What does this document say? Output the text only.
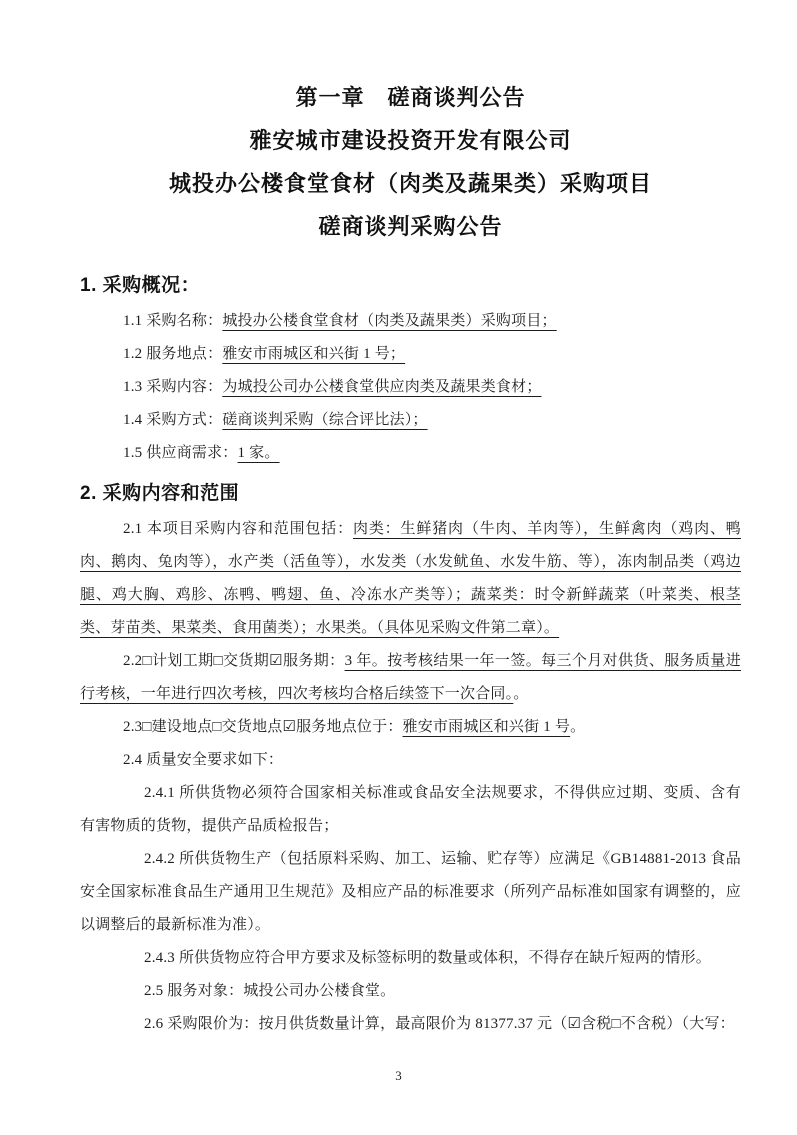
第一章　磋商谈判公告
雅安城市建设投资开发有限公司
城投办公楼食堂食材（肉类及蔬果类）采购项目
磋商谈判采购公告
1. 采购概况：

1.1 采购名称：城投办公楼食堂食材（肉类及蔬果类）采购项目；

1.2 服务地点：雅安市雨城区和兴街 1 号；

1.3 采购内容：为城投公司办公楼食堂供应肉类及蔬果类食材；

1.4 采购方式：磋商谈判采购（综合评比法）；

1.5 供应商需求：1 家。

2. 采购内容和范围

2.1 本项目采购内容和范围包括：肉类：生鲜猪肉（牛肉、羊肉等），生鲜禽肉（鸡肉、鸭肉、鹅肉、兔肉等），水产类（活鱼等），水发类（水发鱿鱼、水发牛筋、等），冻肉制品类（鸡边腿、鸡大胸、鸡胗、冻鸭、鸭翅、鱼、冷冻水产类等）；蔬菜类：时令新鲜蔬菜（叶菜类、根茎类、芽苗类、果菜类、食用菌类）；水果类。（具体见采购文件第二章）。

2.2□计划工期□交货期☑服务期：3 年。按考核结果一年一签。每三个月对供货、服务质量进行考核，一年进行四次考核，四次考核均合格后续签下一次合同。。

2.3□建设地点□交货地点☑服务地点位于：雅安市雨城区和兴街 1 号。

2.4 质量安全要求如下：

2.4.1 所供货物必须符合国家相关标准或食品安全法规要求，不得供应过期、变质、含有有害物质的货物，提供产品质检报告；

2.4.2 所供货物生产（包括原料采购、加工、运输、贮存等）应满足《GB14881-2013 食品安全国家标准食品生产通用卫生规范》及相应产品的标准要求（所列产品标准如国家有调整的，应以调整后的最新标准为准）。

2.4.3 所供货物应符合甲方要求及标签标明的数量或体积，不得存在缺斤短两的情形。

2.5 服务对象：城投公司办公楼食堂。

2.6 采购限价为：按月供货数量计算，最高限价为 81377.37 元（☑含税□不含税）（大写：

3
